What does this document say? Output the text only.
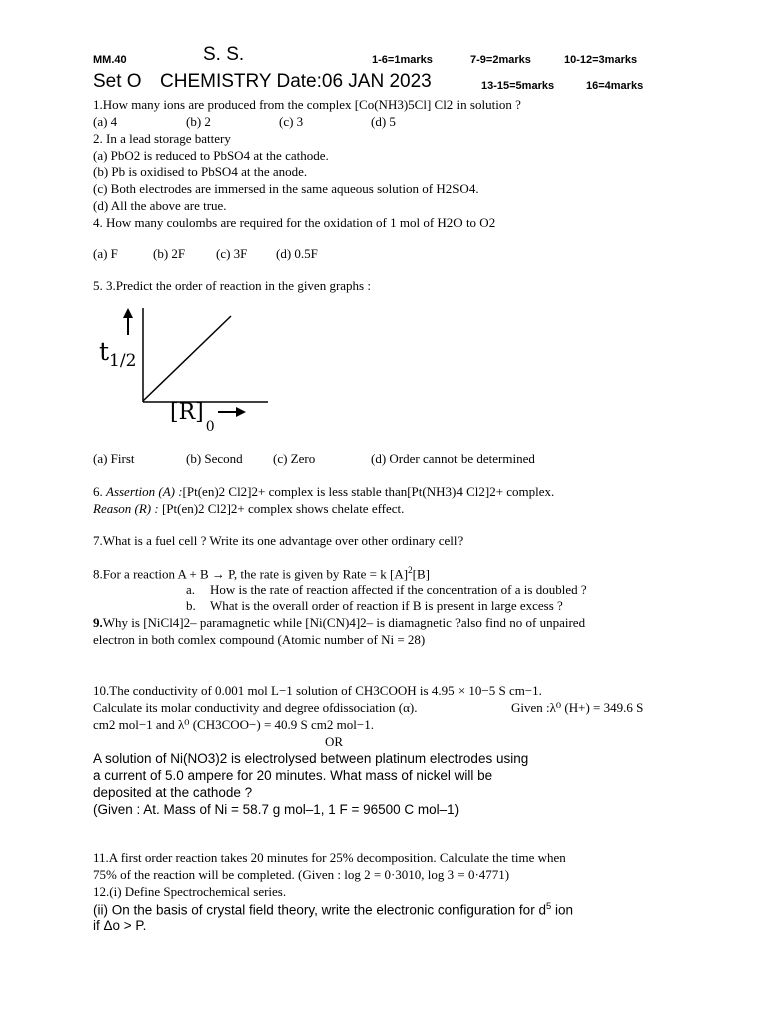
MM.40	S. S.	1-6=1marks	7-9=2marks	10-12=3marks
Set O CHEMISTRY Date:06 JAN 2023	13-15=5marks	16=4marks
1.How many ions are produced from the complex [Co(NH3)5Cl] Cl2 in solution ?
(a) 4	(b) 2	(c) 3	(d) 5
2. In a lead storage battery
(a) PbO2 is reduced to PbSO4 at the cathode.
(b) Pb is oxidised to PbSO4 at the anode.
(c) Both electrodes are immersed in the same aqueous solution of H2SO4.
(d) All the above are true.
4. How many coulombs are required for the oxidation of 1 mol of H2O to O2
(a) F	(b) 2F (c) 3F (d) 0.5F
5. 3.Predict the order of reaction in the given graphs :
$t_{1/2}$
$[R]_0$
(a) First	(b) Second (c) Zero	(d) Order cannot be determined
6. Assertion (A) :[Pt(en)2 Cl2]2+ complex is less stable than[Pt(NH3)4 Cl2]2+ complex.
Reason (R) : [Pt(en)2 Cl2]2+ complex shows chelate effect.
7.What is a fuel cell ? Write its one advantage over other ordinary cell?
8.For a reaction A + B → P, the rate is given by Rate = k $[A]^2[B]$
a. How is the rate of reaction affected if the concentration of a is doubled ?
b. What is the overall order of reaction if B is present in large excess ?
9.Why is [NiCl4]2– paramagnetic while [Ni(CN)4]2– is diamagnetic ?also find no of unpaired
electron in both comlex compound (Atomic number of Ni = 28)
10.The conductivity of 0.001 mol L−1 solution of CH3COOH is 4.95 × 10−5 S cm−1.
Calculate its molar conductivity and degree ofdissociation (α).	Given :λ⁰ (H+) = 349.6 S
cm2 mol−1 and λ⁰ (CH3COO−) = 40.9 S cm2 mol−1.
OR
A solution of Ni(NO3)2 is electrolysed between platinum electrodes using
a current of 5.0 ampere for 20 minutes. What mass of nickel will be
deposited at the cathode ?
(Given : At. Mass of Ni = 58.7 g mol–1, 1 F = 96500 C mol–1)
11.A first order reaction takes 20 minutes for 25% decomposition. Calculate the time when
75% of the reaction will be completed. (Given : log 2 = 0·3010, log 3 = 0·4771)
12.(i) Define Spectrochemical series.
(ii) On the basis of crystal field theory, write the electronic configuration for $d^5$ ion
if Δo > P.
